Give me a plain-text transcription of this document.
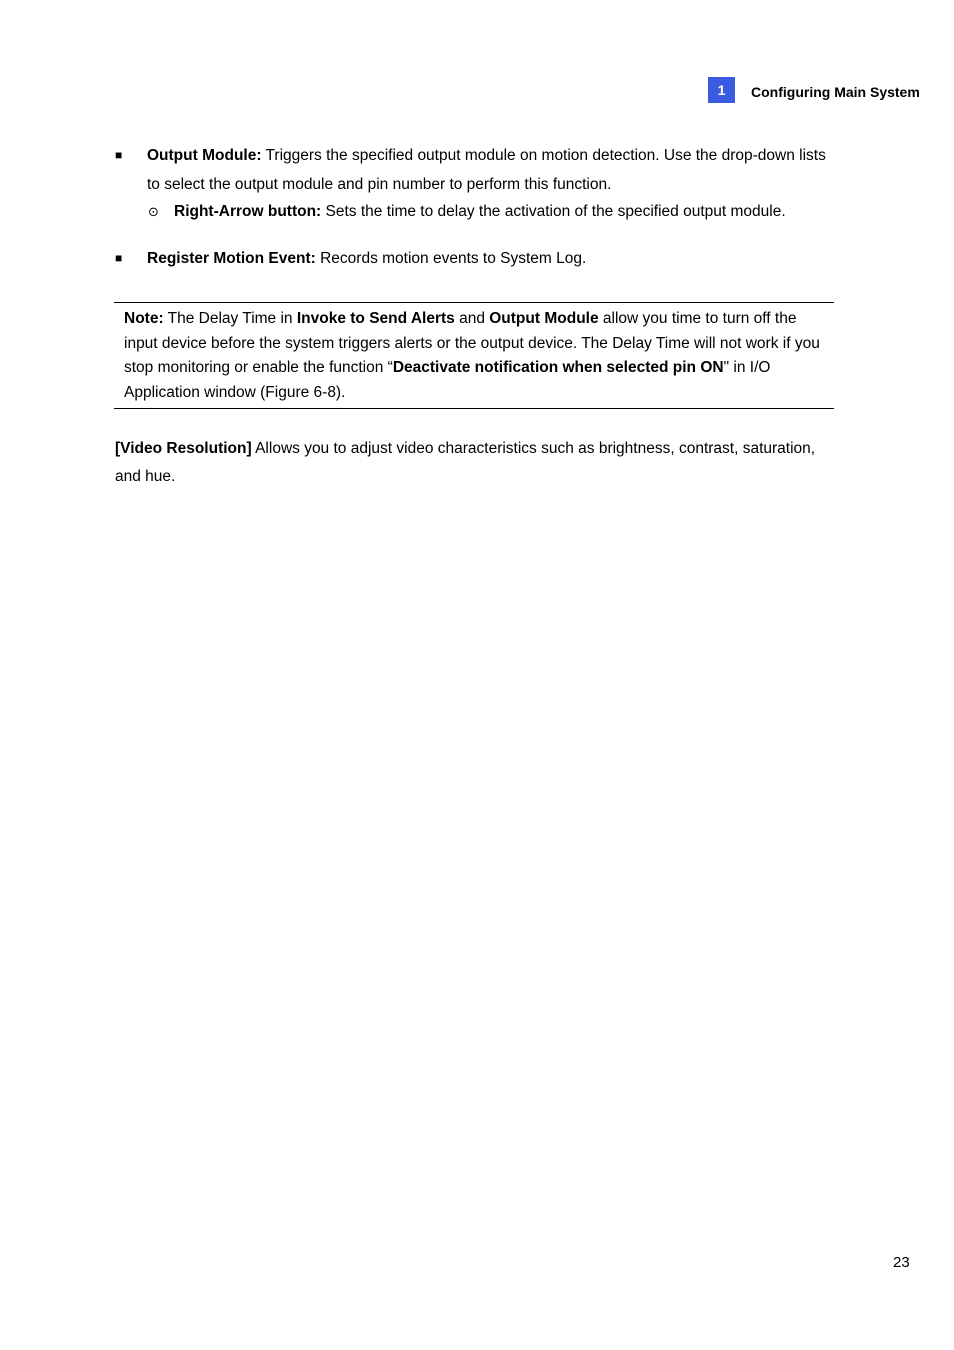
1	Configuring Main System
■	Output Module: Triggers the specified output module on motion detection. Use the drop-down lists to select the output module and pin number to perform this function.
⊙ Right-Arrow button: Sets the time to delay the activation of the specified output module.
■	Register Motion Event: Records motion events to System Log.
Note: The Delay Time in Invoke to Send Alerts and Output Module allow you time to turn off the input device before the system triggers alerts or the output device. The Delay Time will not work if you stop monitoring or enable the function “Deactivate notification when selected pin ON" in I/O Application window (Figure 6-8).
[Video Resolution] Allows you to adjust video characteristics such as brightness, contrast, saturation, and hue.
23
